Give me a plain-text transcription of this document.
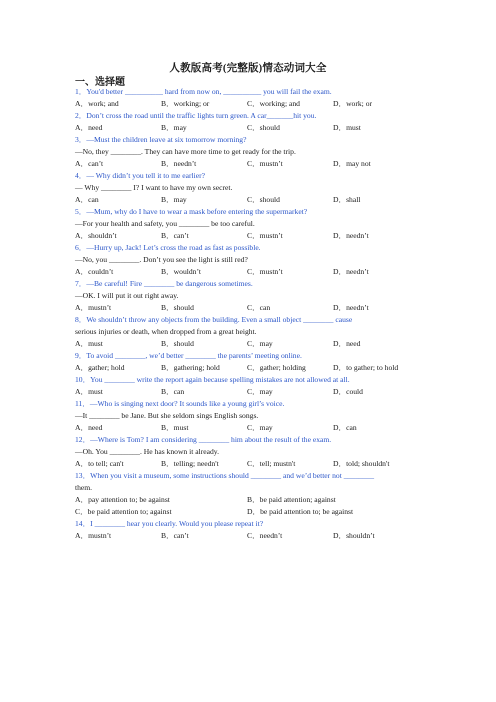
人教版高考(完整版)情态动词大全
一、选择题
1．You'd better __________ hard from now on, __________ you will fail the exam.
A．work; and	B．working; or	C．working; and	D．work; or
2．Don’t cross the road until the traffic lights turn green. A car_______hit you.
A．need	B．may	C．should	D．must
3．—Must the children leave at six tomorrow morning?
—No, they ________. They can have more time to get ready for the trip.
A．can’t	B．needn’t	C．mustn’t	D．may not
4．— Why didn’t you tell it to me earlier?
— Why ________ I? I want to have my own secret.
A．can	B．may	C．should	D．shall
5．—Mum, why do I have to wear a mask before entering the supermarket?
—For your health and safety, you ________ be too careful.
A．shouldn’t	B．can’t	C．mustn’t	D．needn’t
6．—Hurry up, Jack! Let’s cross the road as fast as possible.
—No, you ________. Don’t you see the light is still red?
A．couldn’t	B．wouldn’t	C．mustn’t	D．needn’t
7．—Be careful! Fire ________ be dangerous sometimes.
—OK. I will put it out right away.
A．mustn’t	B．should	C．can	D．needn’t
8．We shouldn’t throw any objects from the building. Even a small object ________ cause
serious injuries or death, when dropped from a great height.
A．must	B．should	C．may	D．need
9．To avoid ________, we’d better ________ the parents’ meeting online.
A．gather; hold	B．gathering; hold	C．gather; holding	D．to gather; to hold
10．You ________ write the report again because spelling mistakes are not allowed at all.
A．must	B．can	C．may	D．could
11．—Who is singing next door? It sounds like a young girl’s voice.
—It ________ be Jane. But she seldom sings English songs.
A．need	B．must	C．may	D．can
12．—Where is Tom? I am considering ________ him about the result of the exam.
—Oh. You ________. He has known it already.
A．to tell; can't	B．telling; needn't	C．tell; mustn't	D．told; shouldn't
13．When you visit a museum, some instructions should ________ and we’d better not ________
them.
A．pay attention to; be against	B．be paid attention; against
C．be paid attention to; against	D．be paid attention to; be against
14．I ________ hear you clearly. Would you please repeat it?
A．mustn’t	B．can’t	C．needn’t	D．shouldn’t
